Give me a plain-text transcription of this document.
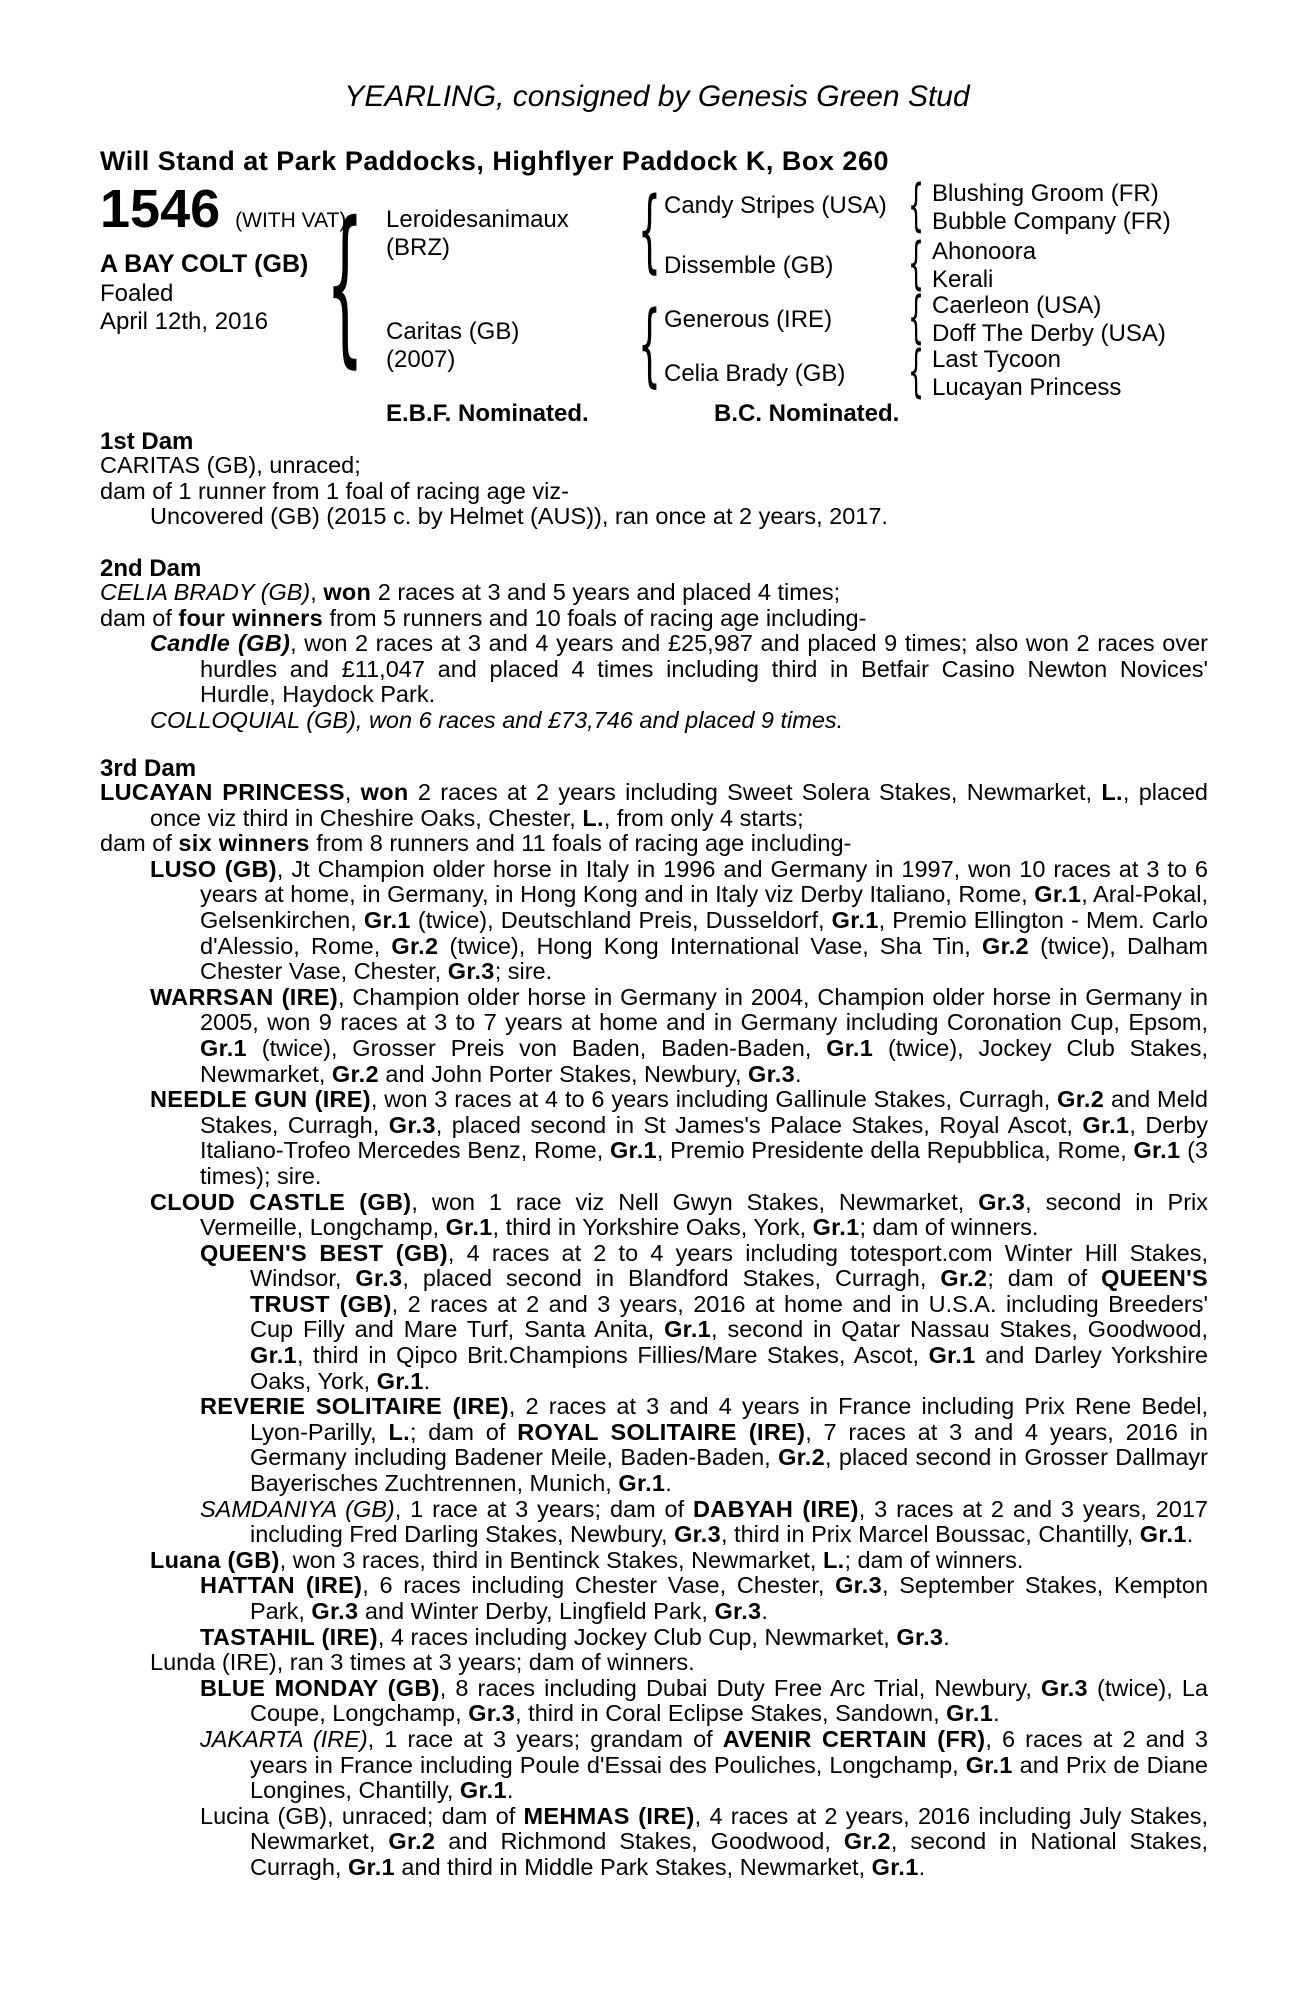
YEARLING, consigned by Genesis Green Stud
Will Stand at Park Paddocks, Highflyer Paddock K, Box 260
1546 (WITH VAT)
A BAY COLT (GB)
Foaled
April 12th, 2016 { Leroidesanimaux
(BRZ)
Caritas (GB)
(2007)
{ Candy Stripes (USA)
Dissemble (GB)
{ Generous (IRE)
Celia Brady (GB)
{ Blushing Groom (FR)
Bubble Company (FR)
{ Ahonoora
Kerali
{ Caerleon (USA)
Doff The Derby (USA)
{ Last Tycoon
Lucayan Princess
E.B.F. Nominated.	B.C. Nominated.
1st Dam

CARITAS (GB), unraced;

dam of 1 runner from 1 foal of racing age viz-

Uncovered (GB) (2015 c. by Helmet (AUS)), ran once at 2 years, 2017.

2nd Dam

CELIA BRADY (GB), won 2 races at 3 and 5 years and placed 4 times;

dam of four winners from 5 runners and 10 foals of racing age including-

Candle (GB), won 2 races at 3 and 4 years and £25,987 and placed 9 times; also won 2 races over hurdles and £11,047 and placed 4 times including third in Betfair Casino Newton Novices' Hurdle, Haydock Park.

COLLOQUIAL (GB), won 6 races and £73,746 and placed 9 times.

3rd Dam

LUCAYAN PRINCESS, won 2 races at 2 years including Sweet Solera Stakes, Newmarket, L., placed once viz third in Cheshire Oaks, Chester, L., from only 4 starts;

dam of six winners from 8 runners and 11 foals of racing age including-

LUSO (GB), Jt Champion older horse in Italy in 1996 and Germany in 1997, won 10 races at 3 to 6 years at home, in Germany, in Hong Kong and in Italy viz Derby Italiano, Rome, Gr.1, Aral-Pokal, Gelsenkirchen, Gr.1 (twice), Deutschland Preis, Dusseldorf, Gr.1, Premio Ellington - Mem. Carlo d'Alessio, Rome, Gr.2 (twice), Hong Kong International Vase, Sha Tin, Gr.2 (twice), Dalham Chester Vase, Chester, Gr.3; sire.

WARRSAN (IRE), Champion older horse in Germany in 2004, Champion older horse in Germany in 2005, won 9 races at 3 to 7 years at home and in Germany including Coronation Cup, Epsom, Gr.1 (twice), Grosser Preis von Baden, Baden-Baden, Gr.1 (twice), Jockey Club Stakes, Newmarket, Gr.2 and John Porter Stakes, Newbury, Gr.3.

NEEDLE GUN (IRE), won 3 races at 4 to 6 years including Gallinule Stakes, Curragh, Gr.2 and Meld Stakes, Curragh, Gr.3, placed second in St James's Palace Stakes, Royal Ascot, Gr.1, Derby Italiano-Trofeo Mercedes Benz, Rome, Gr.1, Premio Presidente della Repubblica, Rome, Gr.1 (3 times); sire.

CLOUD CASTLE (GB), won 1 race viz Nell Gwyn Stakes, Newmarket, Gr.3, second in Prix Vermeille, Longchamp, Gr.1, third in Yorkshire Oaks, York, Gr.1; dam of winners.

QUEEN'S BEST (GB), 4 races at 2 to 4 years including totesport.com Winter Hill Stakes, Windsor, Gr.3, placed second in Blandford Stakes, Curragh, Gr.2; dam of QUEEN'S TRUST (GB), 2 races at 2 and 3 years, 2016 at home and in U.S.A. including Breeders' Cup Filly and Mare Turf, Santa Anita, Gr.1, second in Qatar Nassau Stakes, Goodwood, Gr.1, third in Qipco Brit.Champions Fillies/Mare Stakes, Ascot, Gr.1 and Darley Yorkshire Oaks, York, Gr.1.

REVERIE SOLITAIRE (IRE), 2 races at 3 and 4 years in France including Prix Rene Bedel, Lyon-Parilly, L.; dam of ROYAL SOLITAIRE (IRE), 7 races at 3 and 4 years, 2016 in Germany including Badener Meile, Baden-Baden, Gr.2, placed second in Grosser Dallmayr Bayerisches Zuchtrennen, Munich, Gr.1.

SAMDANIYA (GB), 1 race at 3 years; dam of DABYAH (IRE), 3 races at 2 and 3 years, 2017 including Fred Darling Stakes, Newbury, Gr.3, third in Prix Marcel Boussac, Chantilly, Gr.1.

Luana (GB), won 3 races, third in Bentinck Stakes, Newmarket, L.; dam of winners.

HATTAN (IRE), 6 races including Chester Vase, Chester, Gr.3, September Stakes, Kempton Park, Gr.3 and Winter Derby, Lingfield Park, Gr.3.

TASTAHIL (IRE), 4 races including Jockey Club Cup, Newmarket, Gr.3.

Lunda (IRE), ran 3 times at 3 years; dam of winners.

BLUE MONDAY (GB), 8 races including Dubai Duty Free Arc Trial, Newbury, Gr.3 (twice), La Coupe, Longchamp, Gr.3, third in Coral Eclipse Stakes, Sandown, Gr.1.

JAKARTA (IRE), 1 race at 3 years; grandam of AVENIR CERTAIN (FR), 6 races at 2 and 3 years in France including Poule d'Essai des Pouliches, Longchamp, Gr.1 and Prix de Diane Longines, Chantilly, Gr.1.

Lucina (GB), unraced; dam of MEHMAS (IRE), 4 races at 2 years, 2016 including July Stakes, Newmarket, Gr.2 and Richmond Stakes, Goodwood, Gr.2, second in National Stakes, Curragh, Gr.1 and third in Middle Park Stakes, Newmarket, Gr.1.
